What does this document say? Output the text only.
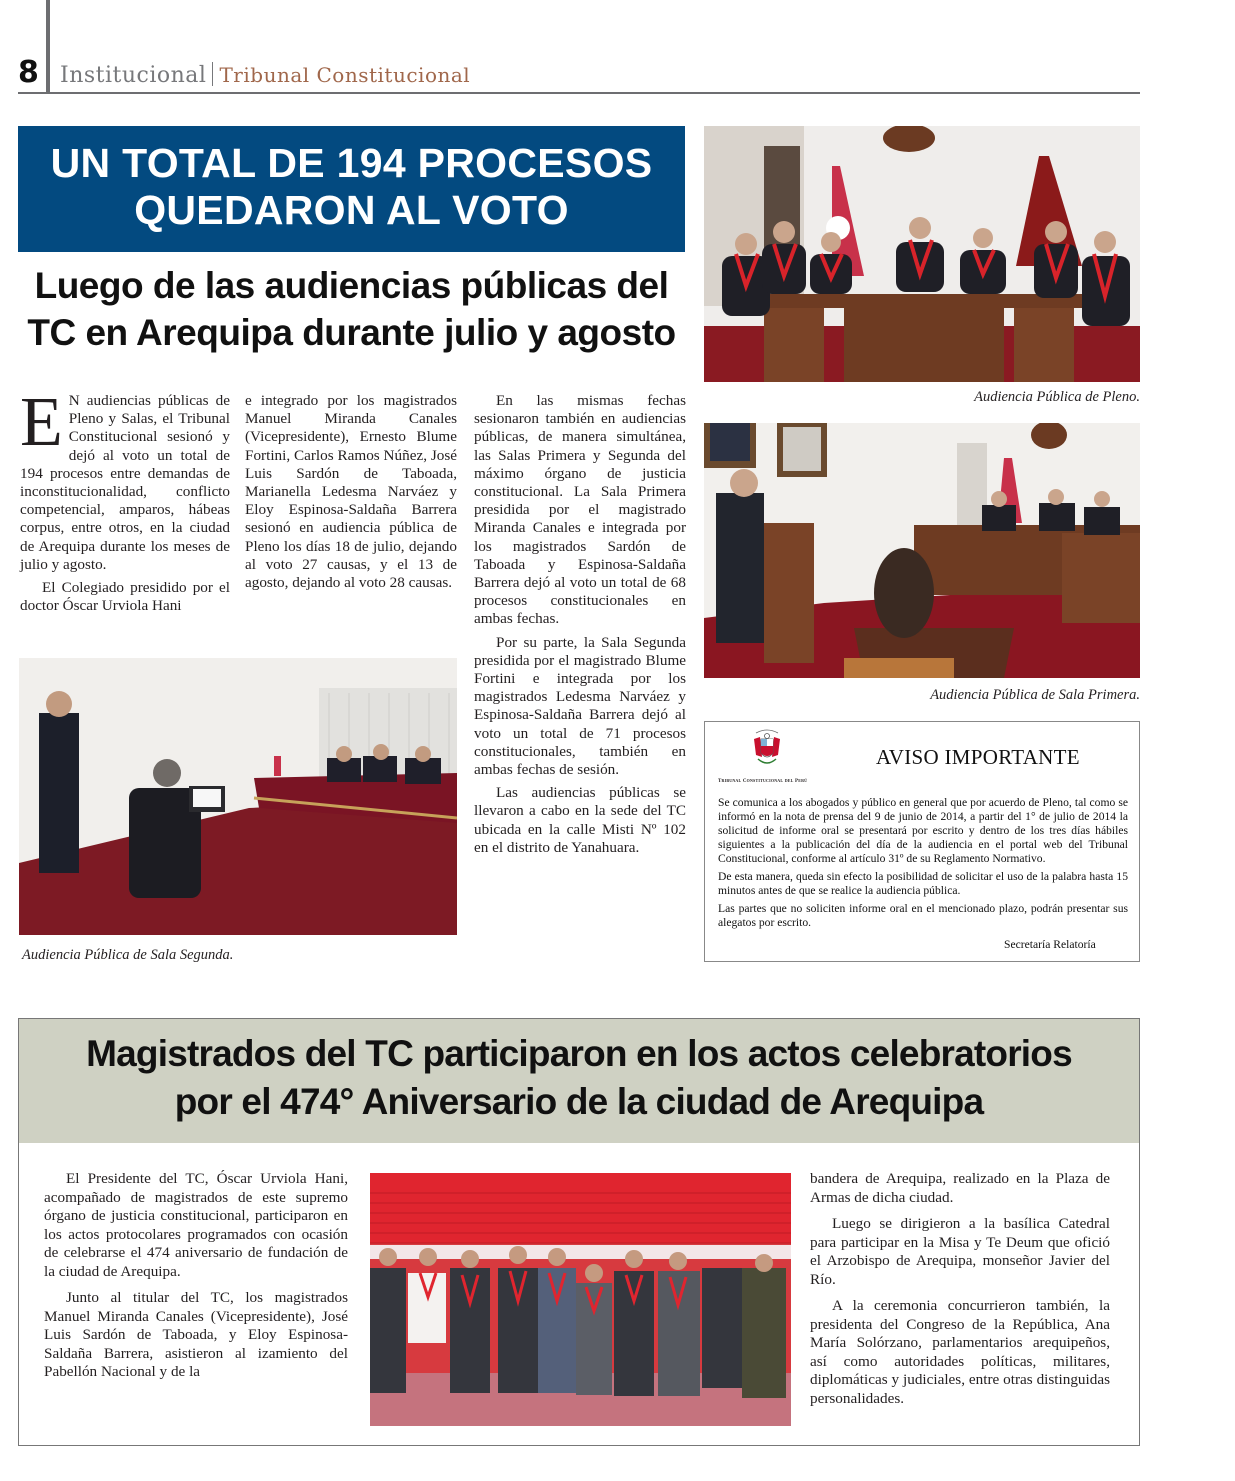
8 Institucional Tribunal Constitucional
UN TOTAL DE 194 PROCESOS
QUEDARON AL VOTO
Luego de las audiencias públicas del
TC en Arequipa durante julio y agosto

E N audiencias públicas de Pleno y Salas, el Tribunal Constitucional sesionó y dejó al voto un total de 194 procesos entre demandas de inconstitucionalidad, conflicto competencial, amparos, hábeas corpus, entre otros, en la ciudad de Arequipa durante los meses de julio y agosto.

El Colegiado presidido por el doctor Óscar Urviola Hani

e integrado por los magistrados Manuel Miranda Canales (Vicepresidente), Ernesto Blume Fortini, Carlos Ramos Núñez, José Luis Sardón de Taboada, Marianella Ledesma Narváez y Eloy Espinosa-Saldaña Barrera sesionó en audiencia pública de Pleno los días 18 de julio, dejando al voto 27 causas, y el 13 de agosto, dejando al voto 28 causas.

En las mismas fechas sesionaron también en audiencias públicas, de manera simultánea, las Salas Primera y Segunda del máximo órgano de justicia constitucional. La Sala Primera presidida por el magistrado Miranda Canales e integrada por los magistrados Sardón de Taboada y Espinosa-Saldaña Barrera dejó al voto un total de 68 procesos constitucionales en ambas fechas.

Por su parte, la Sala Segunda presidida por el magistrado Blume Fortini e integrada por los magistrados Ledesma Narváez y Espinosa-Saldaña Barrera dejó al voto un total de 71 procesos constitucionales, también en ambas fechas de sesión.

Las audiencias públicas se llevaron a cabo en la sede del TC ubicada en la calle Misti Nº 102 en el distrito de Yanahuara.

Audiencia Pública de Pleno.
Audiencia Pública de Sala Primera.
Audiencia Pública de Sala Segunda.
Tribunal Constitucional del Perú
AVISO IMPORTANTE

Se comunica a los abogados y público en general que por acuerdo de Pleno, tal como se informó en la nota de prensa del 9 de junio de 2014, a partir del 1° de julio de 2014 la solicitud de informe oral se presentará por escrito y dentro de los tres días hábiles siguientes a la publicación del día de la audiencia en el portal web del Tribunal Constitucional, conforme al artículo 31º de su Reglamento Normativo.

De esta manera, queda sin efecto la posibilidad de solicitar el uso de la palabra hasta 15 minutos antes de que se realice la audiencia pública.

Las partes que no soliciten informe oral en el mencionado plazo, podrán presentar sus alegatos por escrito.

Secretaría Relatoría
Magistrados del TC participaron en los actos celebratorios
por el 474° Aniversario de la ciudad de Arequipa

El Presidente del TC, Óscar Urviola Hani, acompañado de magistrados de este supremo órgano de justicia constitucional, participaron en los actos protocolares programados con ocasión de celebrarse el 474 aniversario de fundación de la ciudad de Arequipa.

Junto al titular del TC, los magistrados Manuel Miranda Canales (Vicepresidente), José Luis Sardón de Taboada, y Eloy Espinosa-Saldaña Barrera, asistieron al izamiento del Pabellón Nacional y de la

bandera de Arequipa, realizado en la Plaza de Armas de dicha ciudad.

Luego se dirigieron a la basílica Catedral para participar en la Misa y Te Deum que ofició el Arzobispo de Arequipa, monseñor Javier del Río.

A la ceremonia concurrieron también, la presidenta del Congreso de la República, Ana María Solórzano, parlamentarios arequipeños, así como autoridades políticas, militares, diplomáticas y judiciales, entre otras distinguidas personalidades.
